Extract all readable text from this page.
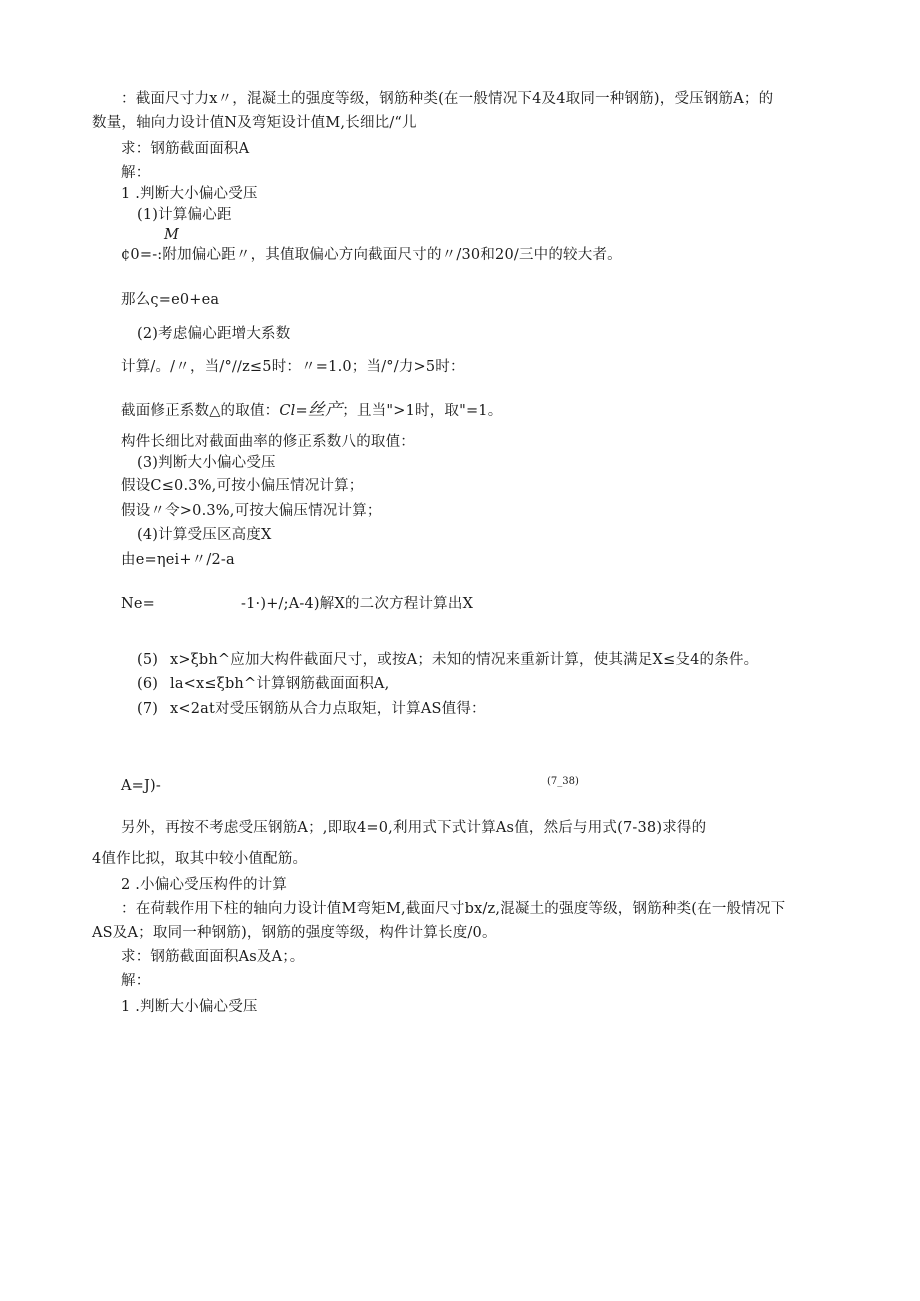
：截面尺寸力x〃，混凝土的强度等级，钢筋种类(在一般情况下4及4取同一种钢筋)，受压钢筋A；的
数量，轴向力设计值N及弯矩设计值M,长细比/“儿
求：钢筋截面面积A
解：
1 .判断大小偏心受压
(1)计算偏心距
M
¢0=-:附加偏心距〃，其值取偏心方向截面尺寸的〃/30和20∕三中的较大者。
那么ς=e0+ea
(2)考虑偏心距增大系数
计算/。/〃，当/°∕∕z≤5时：〃=1.0；当/°/力>5时：
截面修正系数△的取值：Cl=丝产；且当">1时，取"=1。
构件长细比对截面曲率的修正系数八的取值：
(3)判断大小偏心受压
假设C≤0.3%,可按小偏压情况计算；
假设〃令>0.3%,可按大偏压情况计算；
(4)计算受压区高度X
由e=ηei+〃/2-a
Ne=	-1·)+/;A-4)解X的二次方程计算出X
(5) x>ξbh^应加大构件截面尺寸，或按A；未知的情况来重新计算，使其满足X≤殳4的条件。
(6) la<x≤ξbh^计算钢筋截面面积A,
(7) x<2at对受压钢筋从合力点取矩，计算AS值得：
(7_38)
A=J)-
另外，再按不考虑受压钢筋A；,即取4=0,利用式下式计算As值，然后与用式(7-38)求得的
4值作比拟，取其中较小值配筋。
2 .小偏心受压构件的计算
：在荷载作用下柱的轴向力设计值M弯矩M,截面尺寸bx/z,混凝土的强度等级，钢筋种类(在一般情况下
AS及A；取同一种钢筋)，钢筋的强度等级，构件计算长度/0。
求：钢筋截面面积As及A；。
解：
1 .判断大小偏心受压
